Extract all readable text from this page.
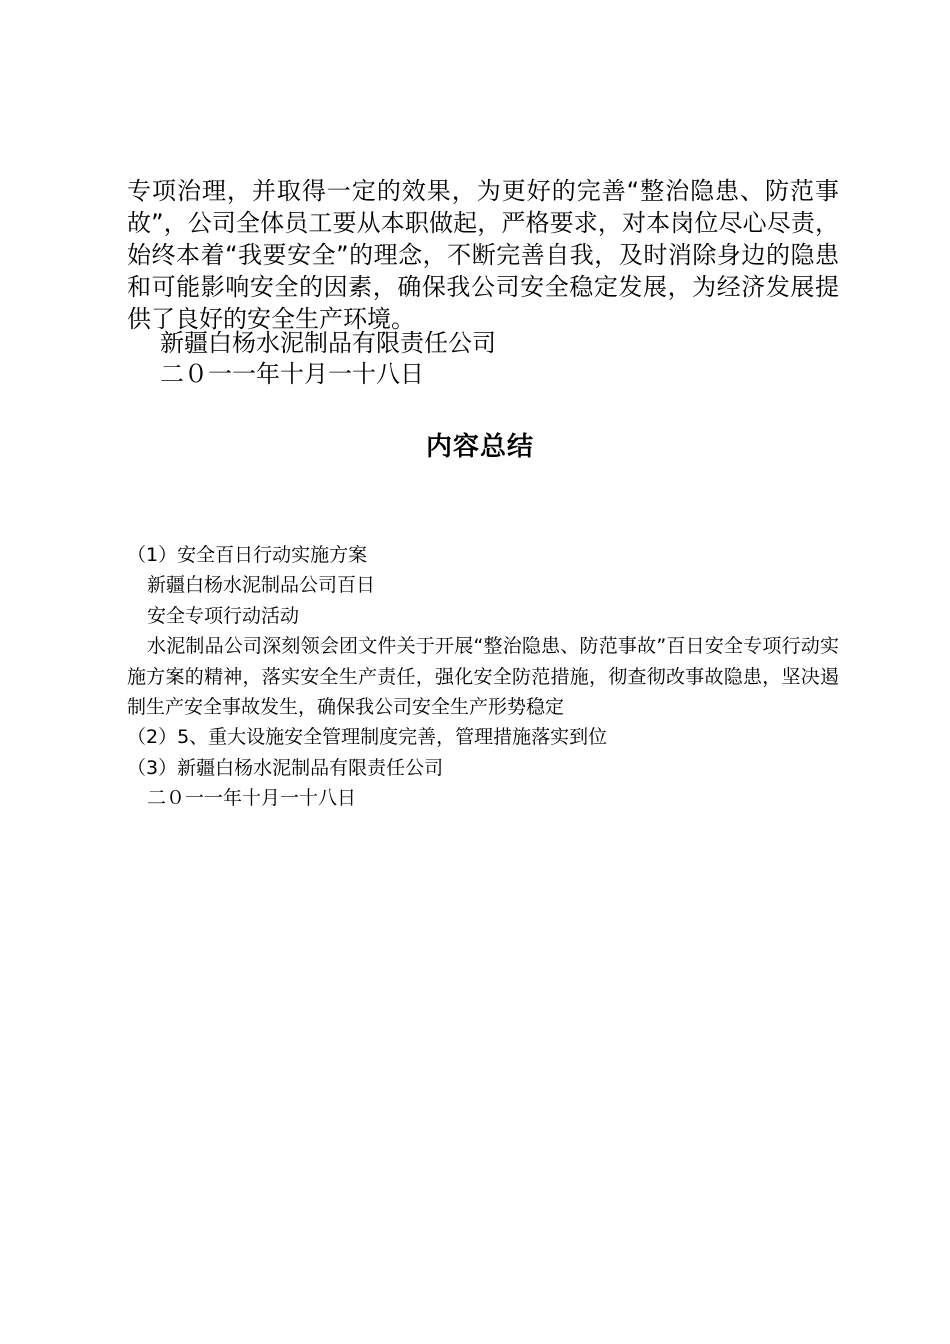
专项治理，并取得一定的效果，为更好的完善“整治隐患、防范事故”，公司全体员工要从本职做起，严格要求，对本岗位尽心尽责，始终本着“我要安全”的理念，不断完善自我，及时消除身边的隐患和可能影响安全的因素，确保我公司安全稳定发展，为经济发展提供了良好的安全生产环境。

新疆白杨水泥制品有限责任公司

二０一一年十月一十八日

内容总结

（1）安全百日行动实施方案

新疆白杨水泥制品公司百日

安全专项行动活动

水泥制品公司深刻领会团文件关于开展“整治隐患、防范事故”百日安全专项行动实施方案的精神，落实安全生产责任，强化安全防范措施，彻查彻改事故隐患，坚决遏制生产安全事故发生，确保我公司安全生产形势稳定

（2）5、重大设施安全管理制度完善，管理措施落实到位

（3）新疆白杨水泥制品有限责任公司

二０一一年十月一十八日
